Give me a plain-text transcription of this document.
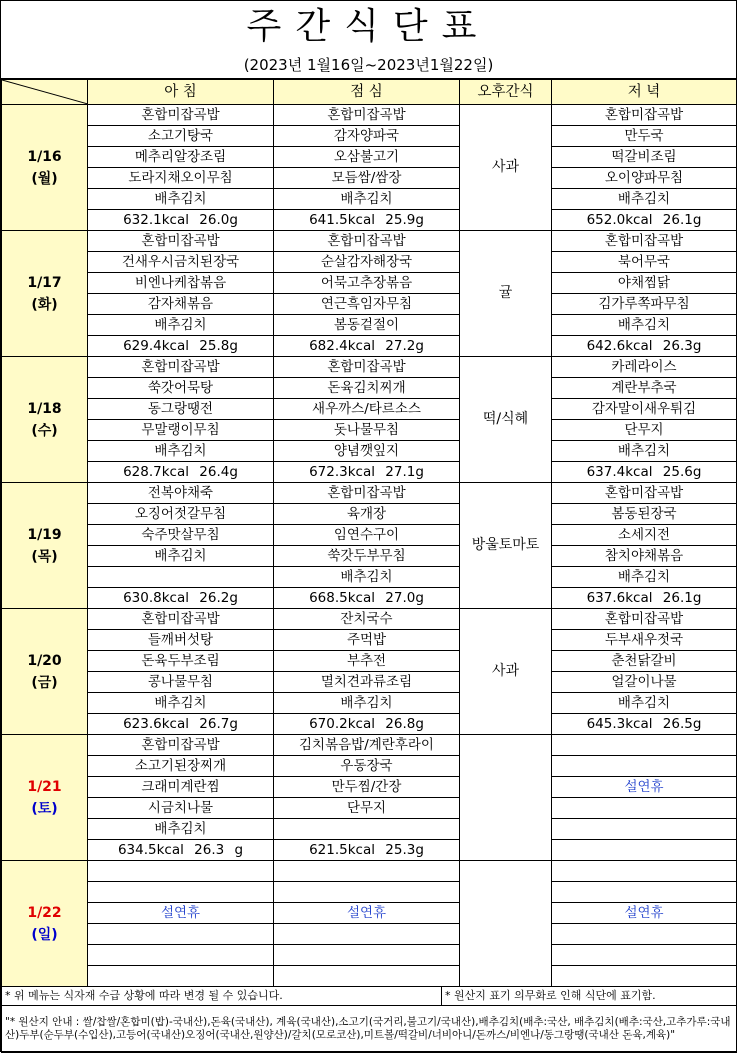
주간식단표
(2023년 1월16일~2023년1월22일)
	아 침	점 심	오후간식	저 녁
1/16
(월)	혼합미잡곡밥	혼합미잡곡밥	사과	혼합미잡곡밥
	소고기탕국	감자양파국		만두국
	메추리알장조림	오삼불고기		떡갈비조림
	도라지채오이무침	모듬쌈/쌈장		오이양파무침
	배추김치	배추김치		배추김치
	632.1kcal 26.0g	641.5kcal 25.9g		652.0kcal 26.1g
1/17
(화)	혼합미잡곡밥	혼합미잡곡밥	귤	혼합미잡곡밥
	건새우시금치된장국	순살감자해장국		북어무국
	비엔나케찹볶음	어묵고추장볶음		야채찜닭
	감자채볶음	연근흑임자무침		김가루쪽파무침
	배추김치	봄동겉절이		배추김치
	629.4kcal 25.8g	682.4kcal 27.2g		642.6kcal 26.3g
1/18
(수)	혼합미잡곡밥	혼합미잡곡밥	떡/식혜	카레라이스
	쑥갓어묵탕	돈육김치찌개		계란부추국
	동그랑땡전	새우까스/타르소스		감자말이새우튀김
	무말랭이무침	돗나물무침		단무지
	배추김치	양념깻잎지		배추김치
	628.7kcal 26.4g	672.3kcal 27.1g		637.4kcal 25.6g
1/19
(목)	전복야채죽	혼합미잡곡밥	방울토마토	혼합미잡곡밥
	오징어젓갈무침	육개장		봄동된장국
	숙주맛살무침	임연수구이		소세지전
	배추김치	쑥갓두부무침		참치야채볶음
		배추김치		배추김치
	630.8kcal 26.2g	668.5kcal 27.0g		637.6kcal 26.1g
1/20
(금)	혼합미잡곡밥	잔치국수	사과	혼합미잡곡밥
	들깨버섯탕	주먹밥		두부새우젓국
	돈육두부조림	부추전		춘천닭갈비
	콩나물무침	멸치견과류조림		얼갈이나물
	배추김치	배추김치		배추김치
	623.6kcal 26.7g	670.2kcal 26.8g		645.3kcal 26.5g
1/21
(토)	혼합미잡곡밥	김치볶음밥/계란후라이		
	소고기된장찌개	우동장국		
	크래미계란찜	만두찜/간장		설연휴
	시금치나물	단무지		
	배추김치			
	634.5kcal 26.3 g	621.5kcal 25.3g		
1/22
(일)				

	설연휴	설연휴		설연휴

* 위 메뉴는 식자재 수급 상황에 따라 변경 될 수 있습니다.	* 원산지 표기 의무화로 인해 식단에 표기함.
"* 원산지 안내 : 쌀/찹쌀/혼합미(밥)-국내산),돈육(국내산), 계육(국내산),소고기(국거리,불고기/국내산),배추김치(배추:국산, 배추김치(배추:국산,고추가루:국내산)두부(순두부(수입산),고등어(국내산)오징어(국내산,원양산)/갈치(모로코산),미트볼/떡갈비/너비아니/돈까스/비엔나/동그랑땡(국내산 돈육,계육)"
